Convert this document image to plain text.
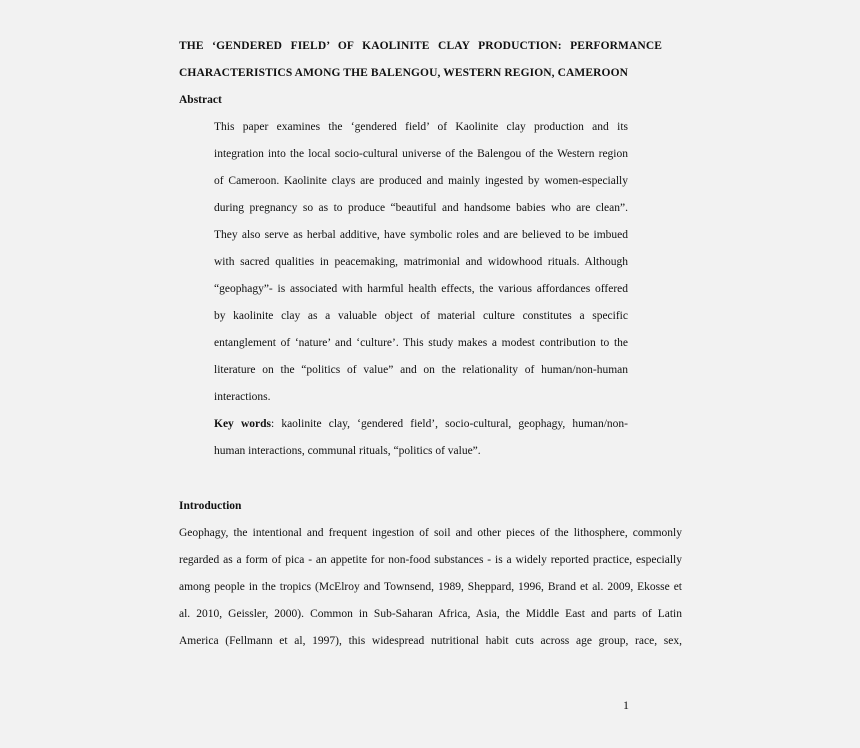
THE ‘GENDERED FIELD’ OF KAOLINITE CLAY PRODUCTION: PERFORMANCE
CHARACTERISTICS AMONG THE BALENGOU, WESTERN REGION, CAMEROON
Abstract
This paper examines the ‘gendered field’ of Kaolinite clay production and its
integration into the local socio-cultural universe of the Balengou of the Western region
of Cameroon. Kaolinite clays are produced and mainly ingested by women-especially
during pregnancy so as to produce “beautiful and handsome babies who are clean”.
They also serve as herbal additive, have symbolic roles and are believed to be imbued
with sacred qualities in peacemaking, matrimonial and widowhood rituals. Although
“geophagy”- is associated with harmful health effects, the various affordances offered
by kaolinite clay as a valuable object of material culture constitutes a specific
entanglement of ‘nature’ and ‘culture’. This study makes a modest contribution to the
literature on the “politics of value” and on the relationality of human/non-human
interactions.
Key words: kaolinite clay, ‘gendered field’, socio-cultural, geophagy, human/non-
human interactions, communal rituals, “politics of value”.
Introduction
Geophagy, the intentional and frequent ingestion of soil and other pieces of the lithosphere, commonly
regarded as a form of pica - an appetite for non-food substances - is a widely reported practice, especially
among people in the tropics (McElroy and Townsend, 1989, Sheppard, 1996, Brand et al. 2009, Ekosse et
al. 2010, Geissler, 2000). Common in Sub-Saharan Africa, Asia, the Middle East and parts of Latin
America (Fellmann et al, 1997), this widespread nutritional habit cuts across age group, race, sex,
1
